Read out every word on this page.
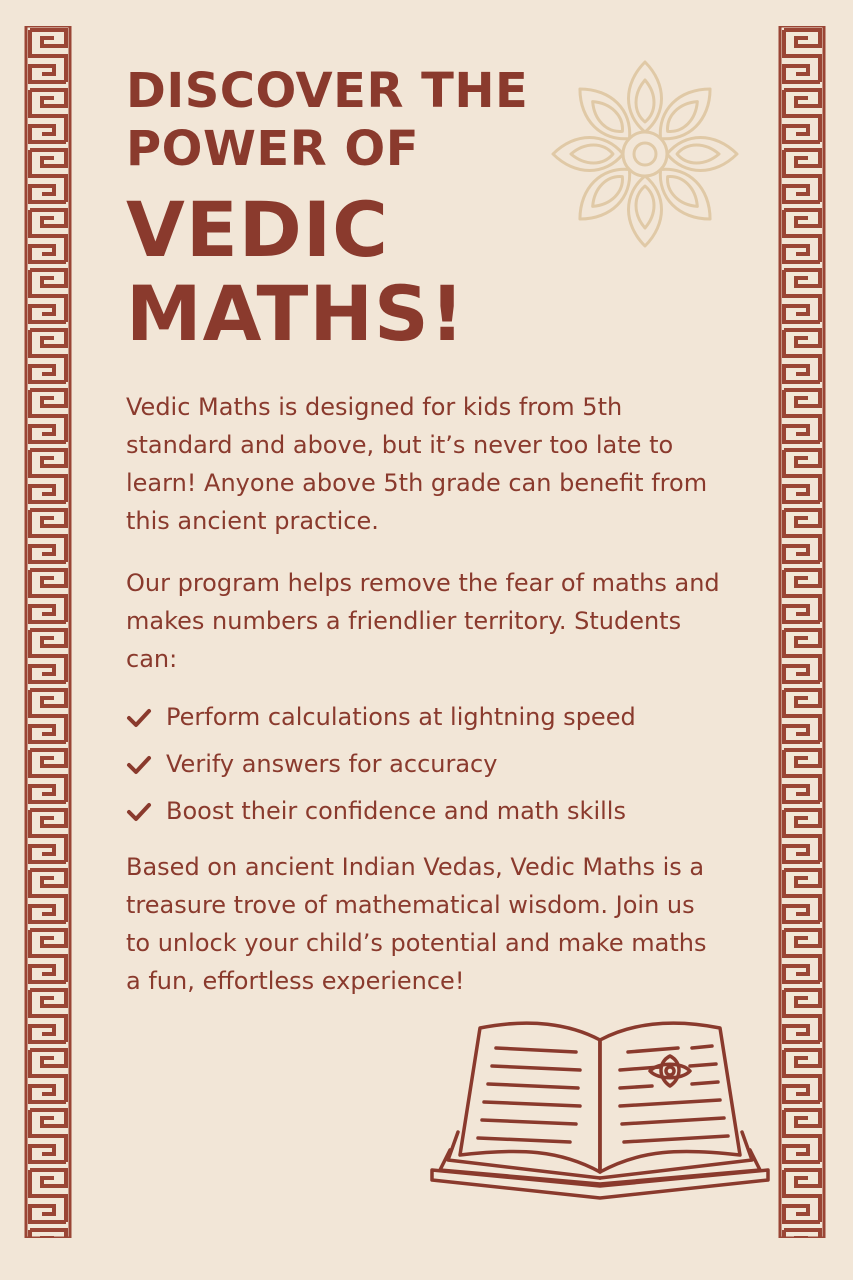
DISCOVER THE
POWER OF
VEDIC
MATHS!

Vedic Maths is designed for kids from 5th standard and above, but it’s never too late to learn! Anyone above 5th grade can benefit from this ancient practice.

Our program helps remove the fear of maths and makes numbers a friendlier territory. Students can:

Perform calculations at lightning speed
Verify answers for accuracy
Boost their confidence and math skills

Based on ancient Indian Vedas, Vedic Maths is a treasure trove of mathematical wisdom. Join us to unlock your child’s potential and make maths a fun, effortless experience!
